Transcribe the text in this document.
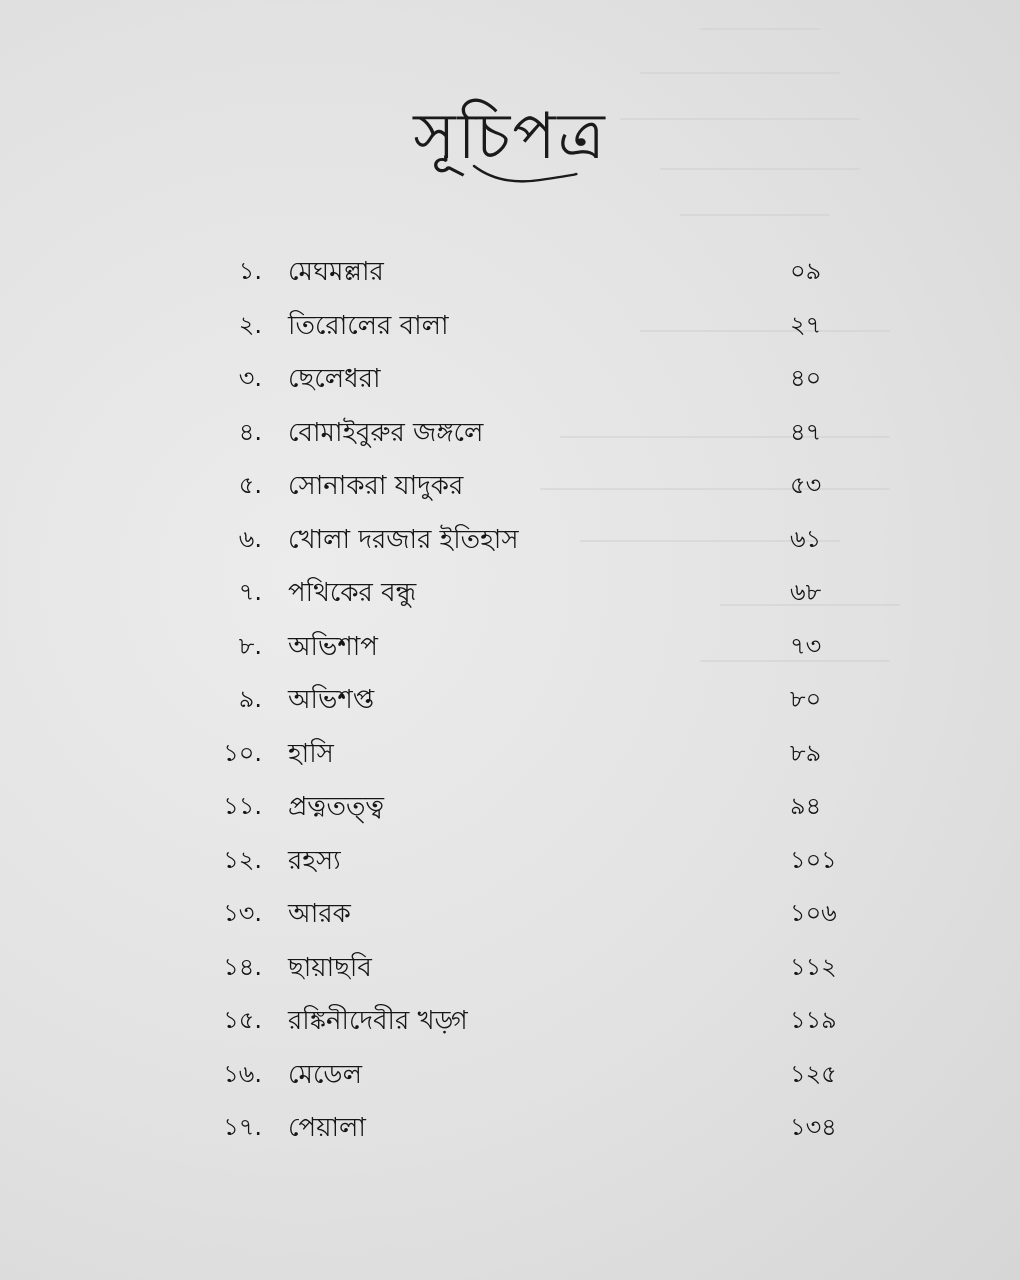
সূচিপত্র
১. মেঘমল্লার	০৯
২. তিরোলের বালা	২৭
৩. ছেলেধরা	৪০
৪. বোমাইবুরুর জঙ্গলে	৪৭
৫. সোনাকরা যাদুকর	৫৩
৬. খোলা দরজার ইতিহাস	৬১
৭. পথিকের বন্ধু	৬৮
৮. অভিশাপ	৭৩
৯. অভিশপ্ত	৮০
১০. হাসি	৮৯
১১. প্রত্নতত্ত্ব	৯৪
১২. রহস্য	১০১
১৩. আরক	১০৬
১৪. ছায়াছবি	১১২
১৫. রঙ্কিনীদেবীর খড়্গ	১১৯
১৬. মেডেল	১২৫
১৭. পেয়ালা	১৩৪
